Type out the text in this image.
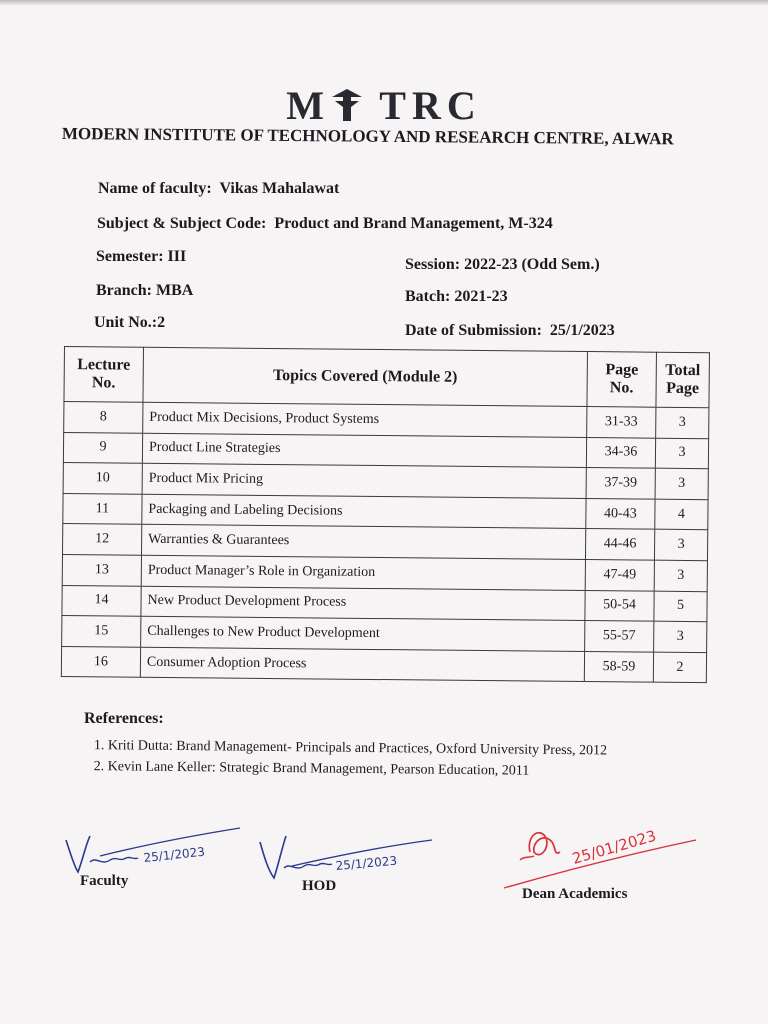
M TRC
MODERN INSTITUTE OF TECHNOLOGY AND RESEARCH CENTRE, ALWAR
Name of faculty: Vikas Mahalawat
Subject & Subject Code: Product and Brand Management, M-324
Semester: III	Session: 2022-23 (Odd Sem.)
Branch: MBA	Batch: 2021-23
Unit No.:2	Date of Submission: 25/1/2023
Lecture No.	Topics Covered (Module 2)	Page No.	Total Page
8	Product Mix Decisions, Product Systems	31-33	3
9	Product Line Strategies	34-36	3
10	Product Mix Pricing	37-39	3
11	Packaging and Labeling Decisions	40-43	4
12	Warranties & Guarantees	44-46	3
13	Product Manager’s Role in Organization	47-49	3
14	New Product Development Process	50-54	5
15	Challenges to New Product Development	55-57	3
16	Consumer Adoption Process	58-59	2
References:
1. Kriti Dutta: Brand Management- Principals and Practices, Oxford University Press, 2012
2. Kevin Lane Keller: Strategic Brand Management, Pearson Education, 2011
25/1/2023
Faculty
25/1/2023
HOD
25/01/2023
Dean Academics
